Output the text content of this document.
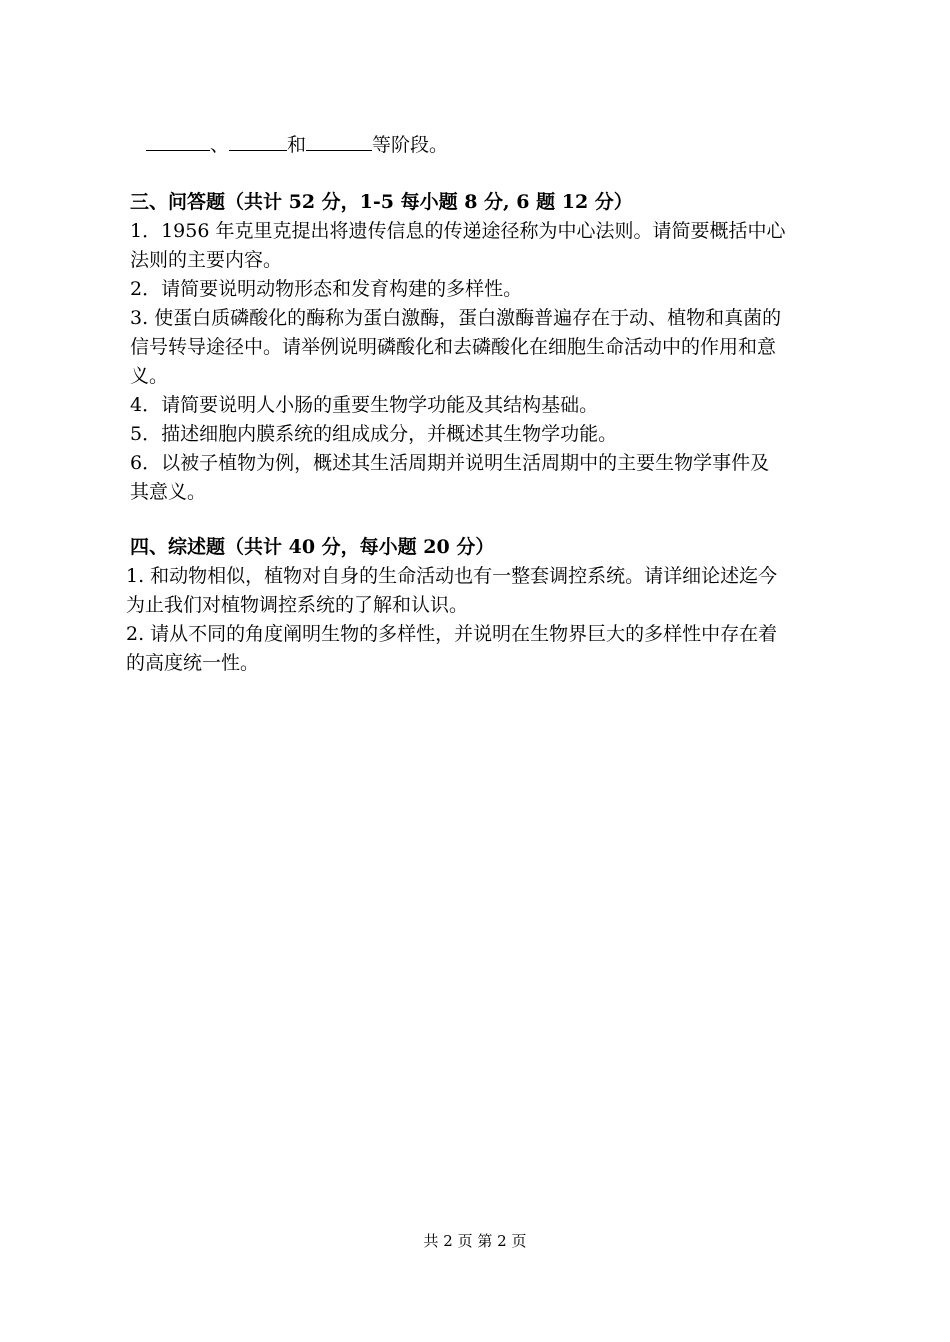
、	和	等阶段。
三、问答题（共计 52 分，1-5 每小题 8 分, 6 题 12 分）
1．1956 年克里克提出将遗传信息的传递途径称为中心法则。请简要概括中心
法则的主要内容。
2．请简要说明动物形态和发育构建的多样性。
3. 使蛋白质磷酸化的酶称为蛋白激酶，蛋白激酶普遍存在于动、植物和真菌的
信号转导途径中。请举例说明磷酸化和去磷酸化在细胞生命活动中的作用和意
义。
4．请简要说明人小肠的重要生物学功能及其结构基础。
5．描述细胞内膜系统的组成成分，并概述其生物学功能。
6．以被子植物为例，概述其生活周期并说明生活周期中的主要生物学事件及
其意义。
四、综述题（共计 40 分，每小题 20 分）
1. 和动物相似，植物对自身的生命活动也有一整套调控系统。请详细论述迄今
为止我们对植物调控系统的了解和认识。
2. 请从不同的角度阐明生物的多样性，并说明在生物界巨大的多样性中存在着
的高度统一性。
共 2 页 第 2 页
